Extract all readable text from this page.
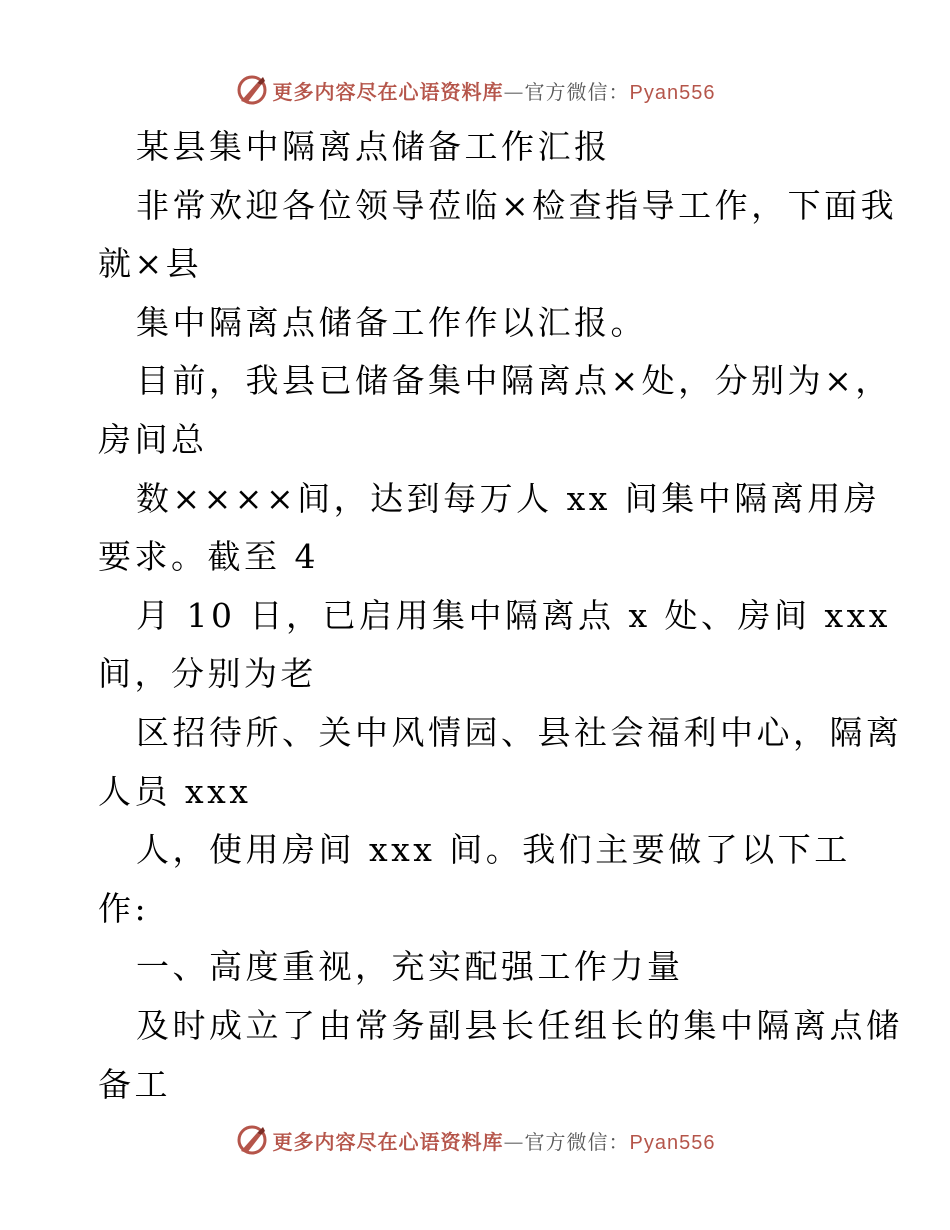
更多内容尽在心语资料库—官方微信：Pyan556
某县集中隔离点储备工作汇报
非常欢迎各位领导莅临×检查指导工作，下面我
就×县
集中隔离点储备工作作以汇报。
目前，我县已储备集中隔离点×处，分别为×，
房间总
数××××间，达到每万人 xx 间集中隔离用房
要求。截至 4
月 10 日，已启用集中隔离点 x 处、房间 xxx
间，分别为老
区招待所、关中风情园、县社会福利中心，隔离
人员 xxx
人，使用房间 xxx 间。我们主要做了以下工
作:
一、高度重视，充实配强工作力量
及时成立了由常务副县长任组长的集中隔离点储
备工
更多内容尽在心语资料库—官方微信：Pyan556
